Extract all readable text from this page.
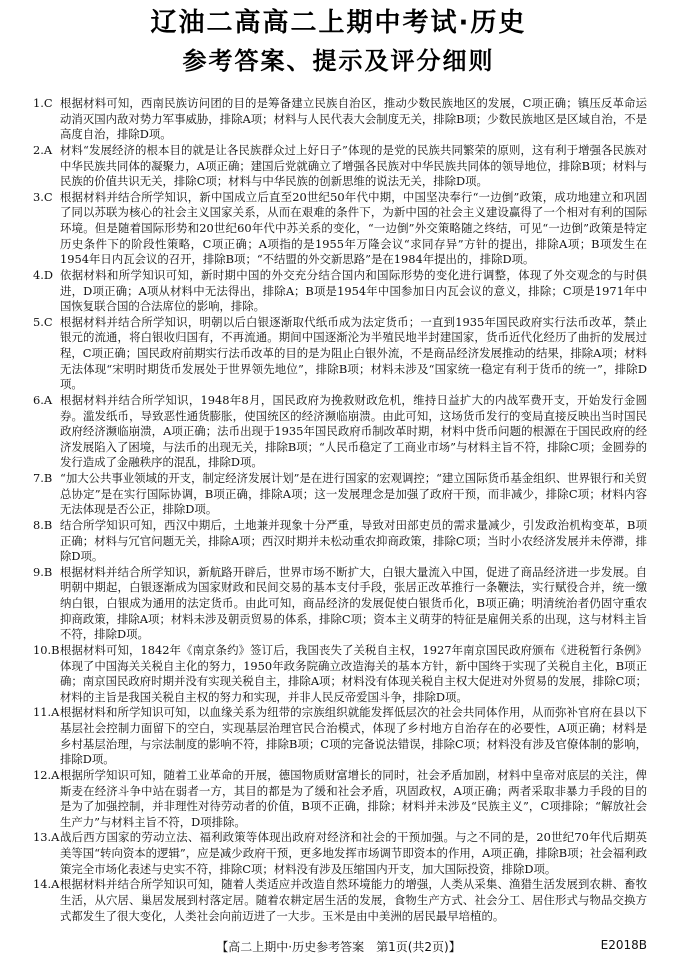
辽油二高高二上期中考试·历史
参考答案、提示及评分细则
1.C 根据材料可知，西南民族访问团的目的是筹备建立民族自治区，推动少数民族地区的发展，C项正确；镇压反革命运动消灭国内敌对势力军事威胁，排除A项；材料与人民代表大会制度无关，排除B项；少数民族地区是区域自治，不是高度自治，排除D项。
2.A 材料“发展经济的根本目的就是让各民族群众过上好日子”体现的是党的民族共同繁荣的原则，这有利于增强各民族对中华民族共同体的凝聚力，A项正确；建国后党就确立了增强各民族对中华民族共同体的领导地位，排除B项；材料与民族的价值共识无关，排除C项；材料与中华民族的创新思维的说法无关，排除D项。
3.C 根据材料并结合所学知识，新中国成立后直至20世纪50年代中期，中国坚决奉行“一边倒”政策，成功地建立和巩固了同以苏联为核心的社会主义国家关系，从而在艰难的条件下，为新中国的社会主义建设赢得了一个相对有利的国际环境。但是随着国际形势和20世纪60年代中苏关系的变化，“一边倒”外交策略随之终结，可见“一边倒”政策是特定历史条件下的阶段性策略，C项正确；A项指的是1955年万隆会议“求同存异”方针的提出，排除A项；B项发生在1954年日内瓦会议的召开，排除B项；“不结盟的外交新思路”是在1984年提出的，排除D项。
4.D 依据材料和所学知识可知，新时期中国的外交充分结合国内和国际形势的变化进行调整，体现了外交观念的与时俱进，D项正确；A项从材料中无法得出，排除A；B项是1954年中国参加日内瓦会议的意义，排除；C项是1971年中国恢复联合国的合法席位的影响，排除。
5.C 根据材料并结合所学知识，明朝以后白银逐渐取代纸币成为法定货币；一直到1935年国民政府实行法币改革，禁止银元的流通，将白银收归国有，不再流通。期间中国逐渐沦为半殖民地半封建国家，货币近代化经历了曲折的发展过程，C项正确；国民政府前期实行法币改革的目的是为阻止白银外流，不是商品经济发展推动的结果，排除A项；材料无法体现“宋明时期货币发展处于世界领先地位”，排除B项；材料未涉及“国家统一稳定有利于货币的统一”，排除D项。
6.A 根据材料并结合所学知识，1948年8月，国民政府为挽救财政危机，维持日益扩大的内战军费开支，开始发行金圆券。滥发纸币，导致恶性通货膨胀，使国统区的经济濒临崩溃。由此可知，这场货币发行的变局直接反映出当时国民政府经济濒临崩溃，A项正确；法币出现于1935年国民政府币制改革时期，材料中货币问题的根源在于国民政府的经济发展陷入了困境，与法币的出现无关，排除B项；“人民币稳定了工商业市场”与材料主旨不符，排除C项；金圆券的发行造成了金融秩序的混乱，排除D项。
7.B “加大公共事业领域的开支，制定经济发展计划”是在进行国家的宏观调控；“建立国际货币基金组织、世界银行和关贸总协定”是在实行国际协调，B项正确，排除A项；这一发展理念是加强了政府干预，而非减少，排除C项；材料内容无法体现是否公正，排除D项。
8.B 结合所学知识可知，西汉中期后，土地兼并现象十分严重，导致对田部吏员的需求量减少，引发政治机构变革，B项正确；材料与冗官问题无关，排除A项；西汉时期并未松动重农抑商政策，排除C项；当时小农经济发展并未停滞，排除D项。
9.B 根据材料并结合所学知识，新航路开辟后，世界市场不断扩大，白银大量流入中国，促进了商品经济进一步发展。自明朝中期起，白银逐渐成为国家财政和民间交易的基本支付手段，张居正改革推行一条鞭法，实行赋役合并，统一缴纳白银，白银成为通用的法定货币。由此可知，商品经济的发展促使白银货币化，B项正确；明清统治者仍固守重农抑商政策，排除A项；材料未涉及朝贡贸易的体系，排除C项；资本主义萌芽的特征是雇佣关系的出现，这与材料主旨不符，排除D项。
10.B 根据材料可知，1842年《南京条约》签订后，我国丧失了关税自主权，1927年南京国民政府颁布《进税暂行条例》体现了中国海关关税自主化的努力，1950年政务院确立改造海关的基本方针，新中国终于实现了关税自主化，B项正确；南京国民政府时期并没有实现关税自主，排除A项；材料没有体现关税自主权大促进对外贸易的发展，排除C项；材料的主旨是我国关税自主权的努力和实现，并非人民反帝爱国斗争，排除D项。
11.A 根据材料和所学知识可知，以血缘关系为纽带的宗族组织就能发挥低层次的社会共同体作用，从而弥补官府在县以下基层社会控制力面留下的空白，实现基层治理官民合治模式，体现了乡村地方自治存在的必要性，A项正确；材料是乡村基层治理，与宗法制度的影响不符，排除B项；C项的完备说法错误，排除C项；材料没有涉及官僚体制的影响，排除D项。
12.A 根据所学知识可知，随着工业革命的开展，德国物质财富增长的同时，社会矛盾加剧，材料中皇帝对底层的关注，俾斯麦在经济斗争中站在弱者一方，其目的都是为了缓和社会矛盾，巩固政权，A项正确；两者采取非暴力手段的目的是为了加强控制，并非理性对待劳动者的价值，B项不正确，排除；材料并未涉及“民族主义”，C项排除；“解放社会生产力”与材料主旨不符，D项排除。
13.A 战后西方国家的劳动立法、福利政策等体现出政府对经济和社会的干预加强。与之不同的是，20世纪70年代后期英美等国“转向资本的逻辑”，应是减少政府干预，更多地发挥市场调节即资本的作用，A项正确，排除B项；社会福利政策完全市场化表述与史实不符，排除C项；材料没有涉及压缩国内开支，加大国际投资，排除D项。
14.A 根据材料并结合所学知识可知，随着人类适应并改造自然环境能力的增强，人类从采集、渔猎生活发展到农耕、畜牧生活，从穴居、巢居发展到村落定居。随着农耕定居生活的发展，食物生产方式、社会分工、居住形式与物品交换方式都发生了很大变化，人类社会向前迈进了一大步。玉米是由中美洲的居民最早培植的。
【高二上期中·历史参考答案　第1页(共2页)】	E2018B
